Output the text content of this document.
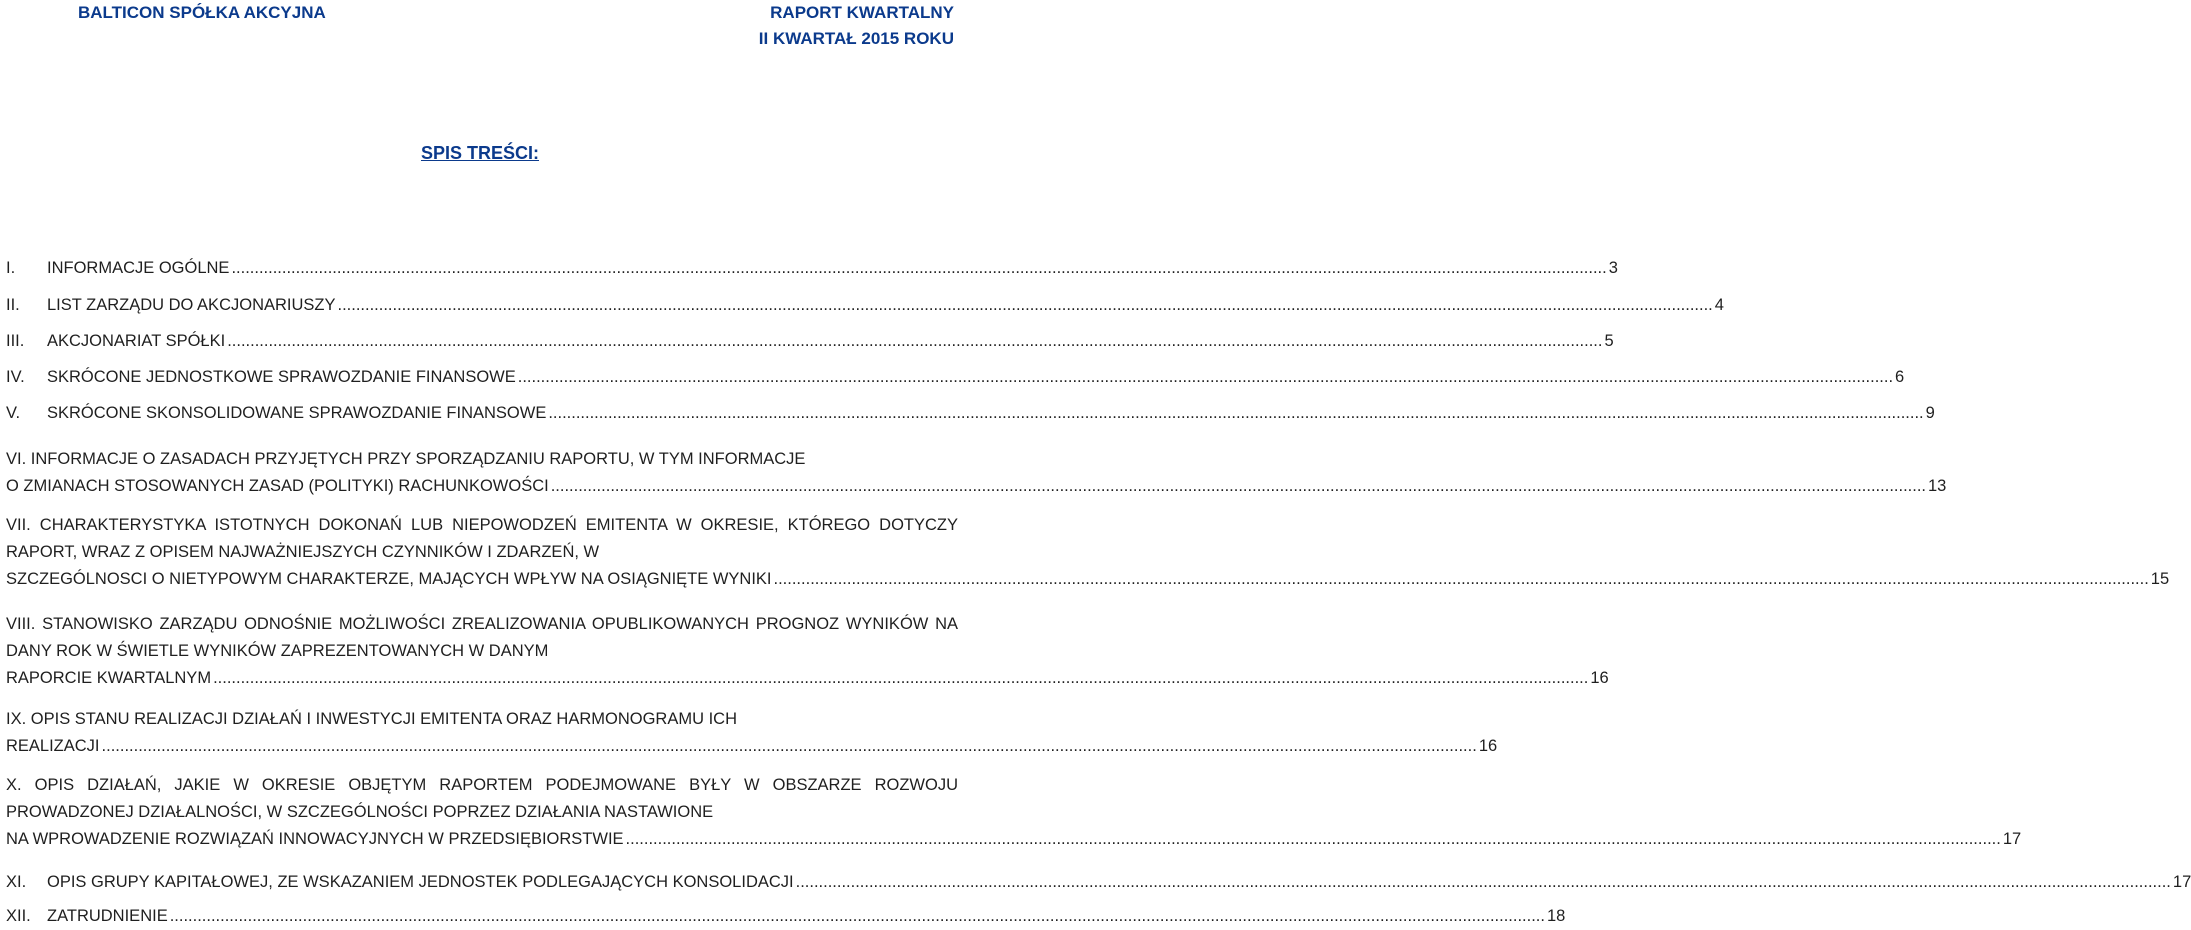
BALTICON SPÓŁKA AKCYJNA	RAPORT KWARTALNY
II KWARTAŁ 2015 ROKU
SPIS TREŚCI:
I.	INFORMACJE OGÓLNE ............................................................................................................................................................................................................................................................................................................ 3
II.	LIST ZARZĄDU DO AKCJONARIUSZY ............................................................................................................................................................................................................................................................................................................ 4
III.	AKCJONARIAT SPÓŁKI ............................................................................................................................................................................................................................................................................................................ 5
IV.	SKRÓCONE JEDNOSTKOWE SPRAWOZDANIE FINANSOWE ............................................................................................................................................................................................................................................................................................................ 6
V.	SKRÓCONE SKONSOLIDOWANE SPRAWOZDANIE FINANSOWE ............................................................................................................................................................................................................................................................................................................ 9
VI. INFORMACJE O ZASADACH PRZYJĘTYCH PRZY SPORZĄDZANIU RAPORTU, W TYM INFORMACJE
O ZMIANACH STOSOWANYCH ZASAD (POLITYKI) RACHUNKOWOŚCI ............................................................................................................................................................................................................................................................................................................ 13
VII. CHARAKTERYSTYKA ISTOTNYCH DOKONAŃ LUB NIEPOWODZEŃ EMITENTA W OKRESIE, KTÓREGO DOTYCZY RAPORT, WRAZ Z OPISEM NAJWAŻNIEJSZYCH CZYNNIKÓW I ZDARZEŃ, W
SZCZEGÓLNOSCI O NIETYPOWYM CHARAKTERZE, MAJĄCYCH WPŁYW NA OSIĄGNIĘTE WYNIKI ............................................................................................................................................................................................................................................................................................................ 15
VIII. STANOWISKO ZARZĄDU ODNOŚNIE MOŻLIWOŚCI ZREALIZOWANIA OPUBLIKOWANYCH PROGNOZ WYNIKÓW NA DANY ROK W ŚWIETLE WYNIKÓW ZAPREZENTOWANYCH W DANYM
RAPORCIE KWARTALNYM ............................................................................................................................................................................................................................................................................................................ 16
IX. OPIS STANU REALIZACJI DZIAŁAŃ I INWESTYCJI EMITENTA ORAZ HARMONOGRAMU ICH
REALIZACJI ............................................................................................................................................................................................................................................................................................................ 16
X. OPIS DZIAŁAŃ, JAKIE W OKRESIE OBJĘTYM RAPORTEM PODEJMOWANE BYŁY W OBSZARZE ROZWOJU PROWADZONEJ DZIAŁALNOŚCI, W SZCZEGÓLNOŚCI POPRZEZ DZIAŁANIA NASTAWIONE
NA WPROWADZENIE ROZWIĄZAŃ INNOWACYJNYCH W PRZEDSIĘBIORSTWIE ............................................................................................................................................................................................................................................................................................................ 17
XI.	OPIS GRUPY KAPITAŁOWEJ, ZE WSKAZANIEM JEDNOSTEK PODLEGAJĄCYCH KONSOLIDACJI ............................................................................................................................................................................................................................................................................................................ 17
XII. ZATRUDNIENIE ............................................................................................................................................................................................................................................................................................................ 18
